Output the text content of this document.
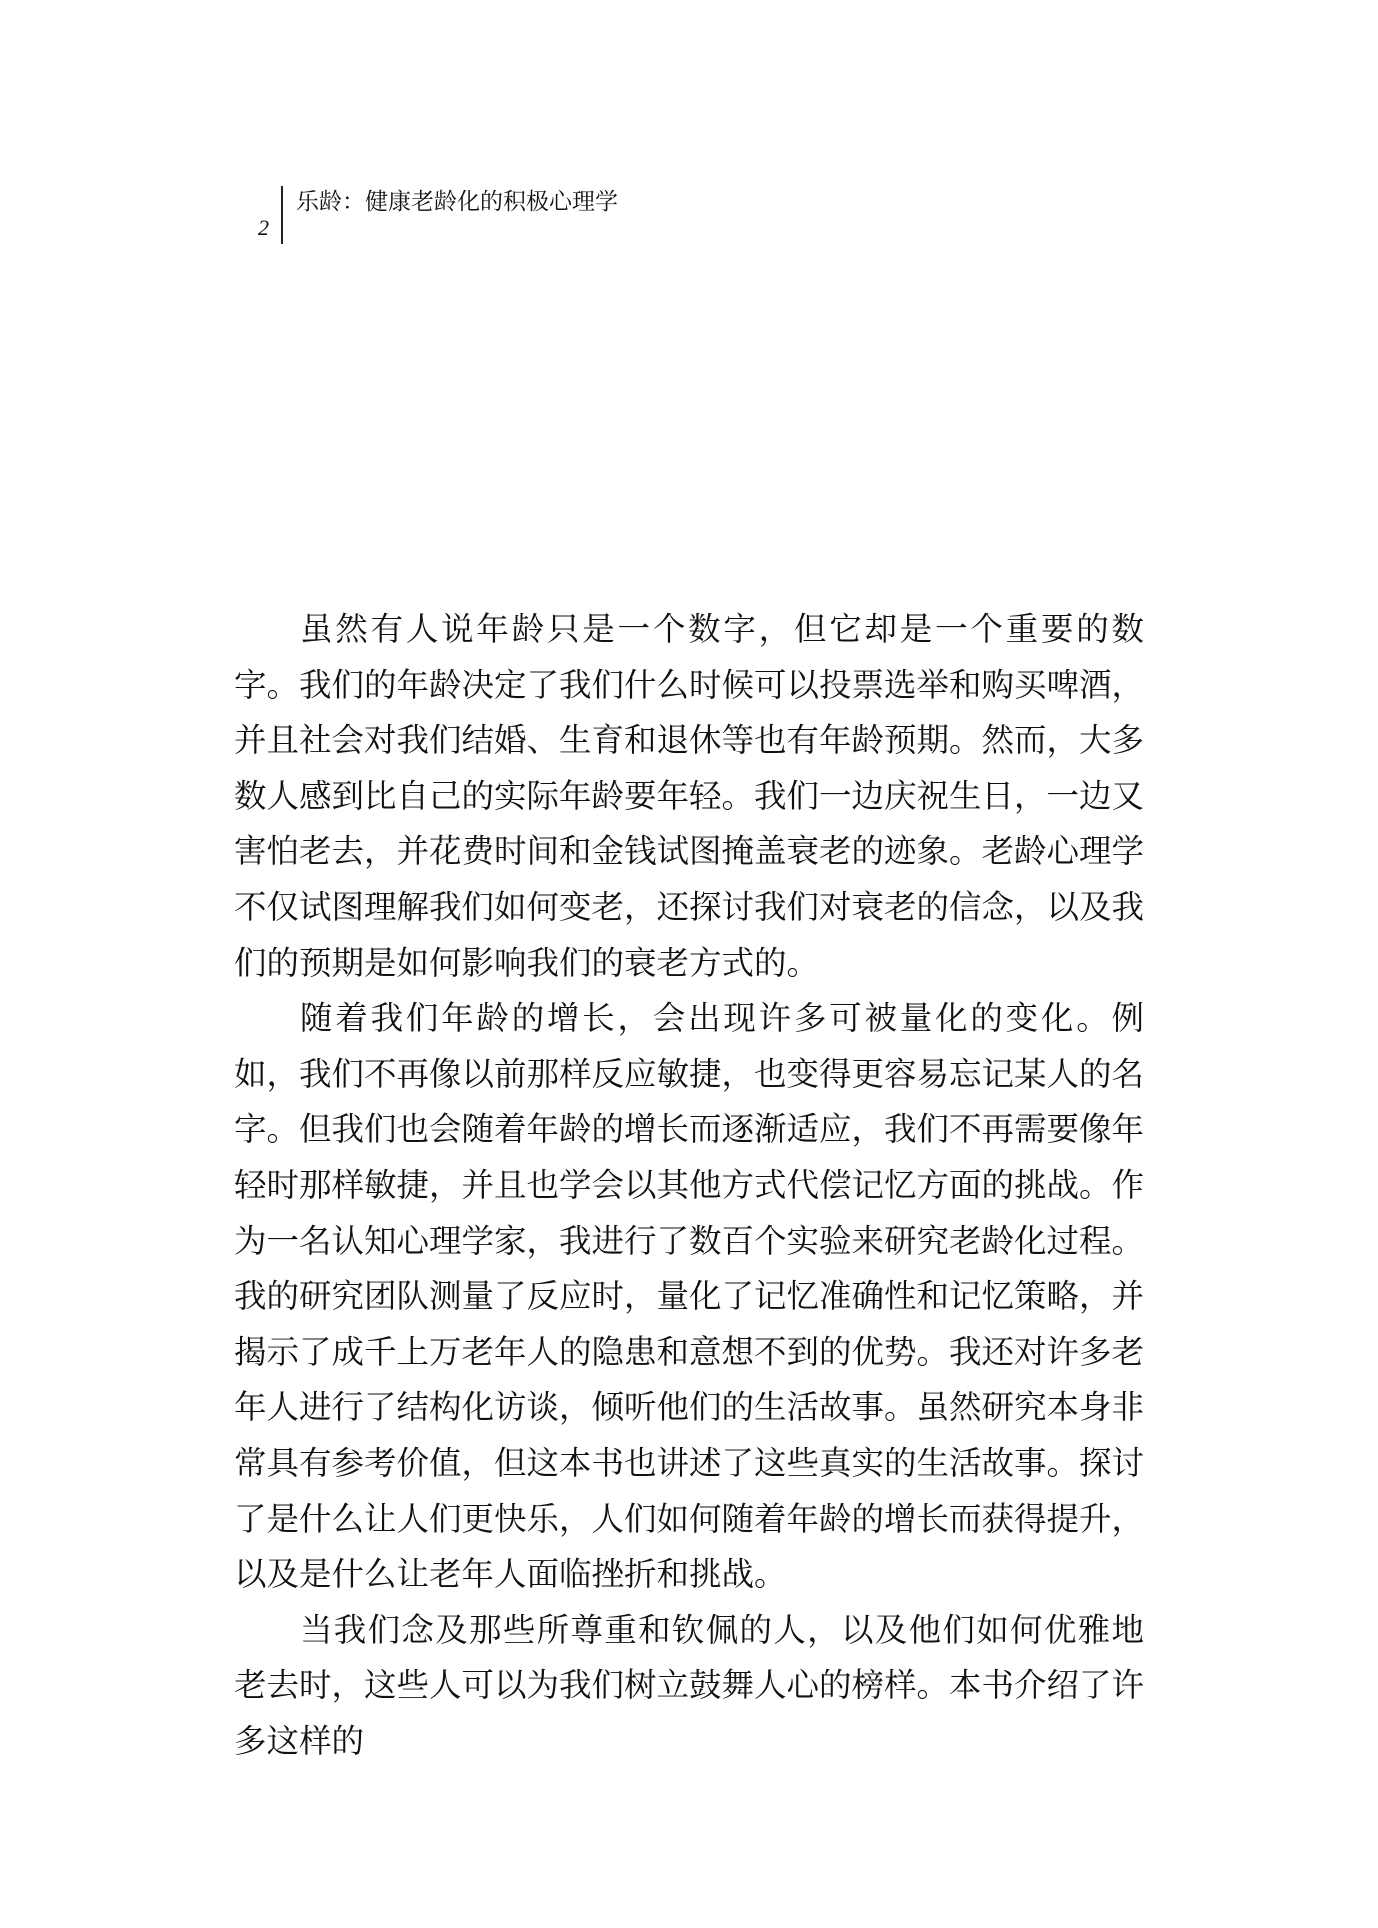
2
乐龄：健康老龄化的积极心理学

虽然有人说年龄只是一个数字，但它却是一个重要的数字。我们的年龄决定了我们什么时候可以投票选举和购买啤酒，并且社会对我们结婚、生育和退休等也有年龄预期。然而，大多数人感到比自己的实际年龄要年轻。我们一边庆祝生日，一边又害怕老去，并花费时间和金钱试图掩盖衰老的迹象。老龄心理学不仅试图理解我们如何变老，还探讨我们对衰老的信念，以及我们的预期是如何影响我们的衰老方式的。

随着我们年龄的增长，会出现许多可被量化的变化。例如，我们不再像以前那样反应敏捷，也变得更容易忘记某人的名字。但我们也会随着年龄的增长而逐渐适应，我们不再需要像年轻时那样敏捷，并且也学会以其他方式代偿记忆方面的挑战。作为一名认知心理学家，我进行了数百个实验来研究老龄化过程。我的研究团队测量了反应时，量化了记忆准确性和记忆策略，并揭示了成千上万老年人的隐患和意想不到的优势。我还对许多老年人进行了结构化访谈，倾听他们的生活故事。虽然研究本身非常具有参考价值，但这本书也讲述了这些真实的生活故事。探讨了是什么让人们更快乐，人们如何随着年龄的增长而获得提升，以及是什么让老年人面临挫折和挑战。

当我们念及那些所尊重和钦佩的人，以及他们如何优雅地老去时，这些人可以为我们树立鼓舞人心的榜样。本书介绍了许多这样的
